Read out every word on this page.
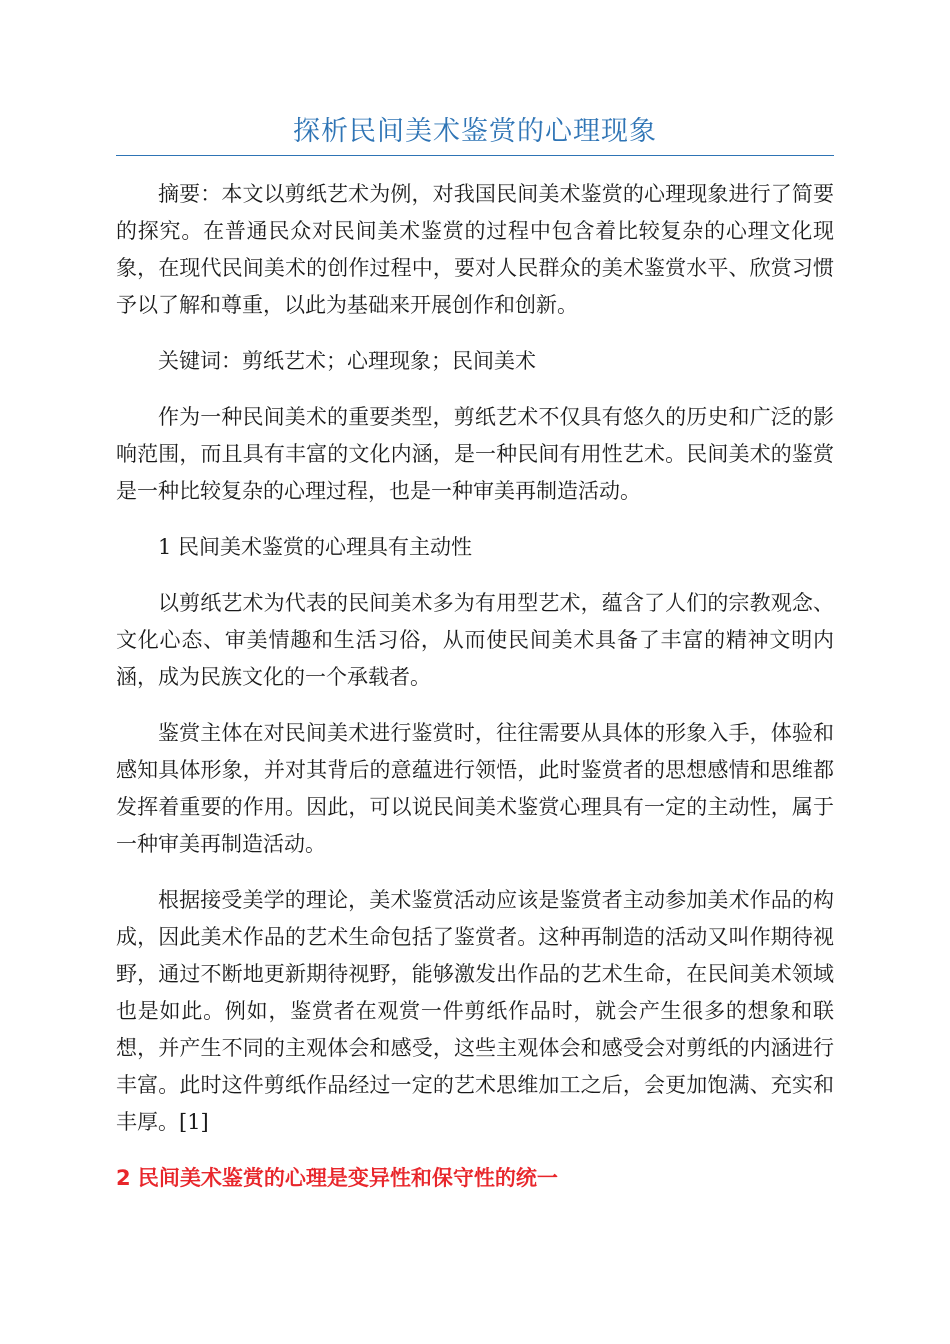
探析民间美术鉴赏的心理现象

摘要：本文以剪纸艺术为例，对我国民间美术鉴赏的心理现象进行了简要的探究。在普通民众对民间美术鉴赏的过程中包含着比较复杂的心理文化现象，在现代民间美术的创作过程中，要对人民群众的美术鉴赏水平、欣赏习惯予以了解和尊重，以此为基础来开展创作和创新。

关键词：剪纸艺术；心理现象；民间美术

作为一种民间美术的重要类型，剪纸艺术不仅具有悠久的历史和广泛的影响范围，而且具有丰富的文化内涵，是一种民间有用性艺术。民间美术的鉴赏是一种比较复杂的心理过程，也是一种审美再制造活动。

1 民间美术鉴赏的心理具有主动性

以剪纸艺术为代表的民间美术多为有用型艺术，蕴含了人们的宗教观念、文化心态、审美情趣和生活习俗，从而使民间美术具备了丰富的精神文明内涵，成为民族文化的一个承载者。

鉴赏主体在对民间美术进行鉴赏时，往往需要从具体的形象入手，体验和感知具体形象，并对其背后的意蕴进行领悟，此时鉴赏者的思想感情和思维都发挥着重要的作用。因此，可以说民间美术鉴赏心理具有一定的主动性，属于一种审美再制造活动。

根据接受美学的理论，美术鉴赏活动应该是鉴赏者主动参加美术作品的构成，因此美术作品的艺术生命包括了鉴赏者。这种再制造的活动又叫作期待视野，通过不断地更新期待视野，能够激发出作品的艺术生命，在民间美术领域也是如此。例如，鉴赏者在观赏一件剪纸作品时，就会产生很多的想象和联想，并产生不同的主观体会和感受，这些主观体会和感受会对剪纸的内涵进行丰富。此时这件剪纸作品经过一定的艺术思维加工之后，会更加饱满、充实和丰厚。[1]

2 民间美术鉴赏的心理是变异性和保守性的统一
